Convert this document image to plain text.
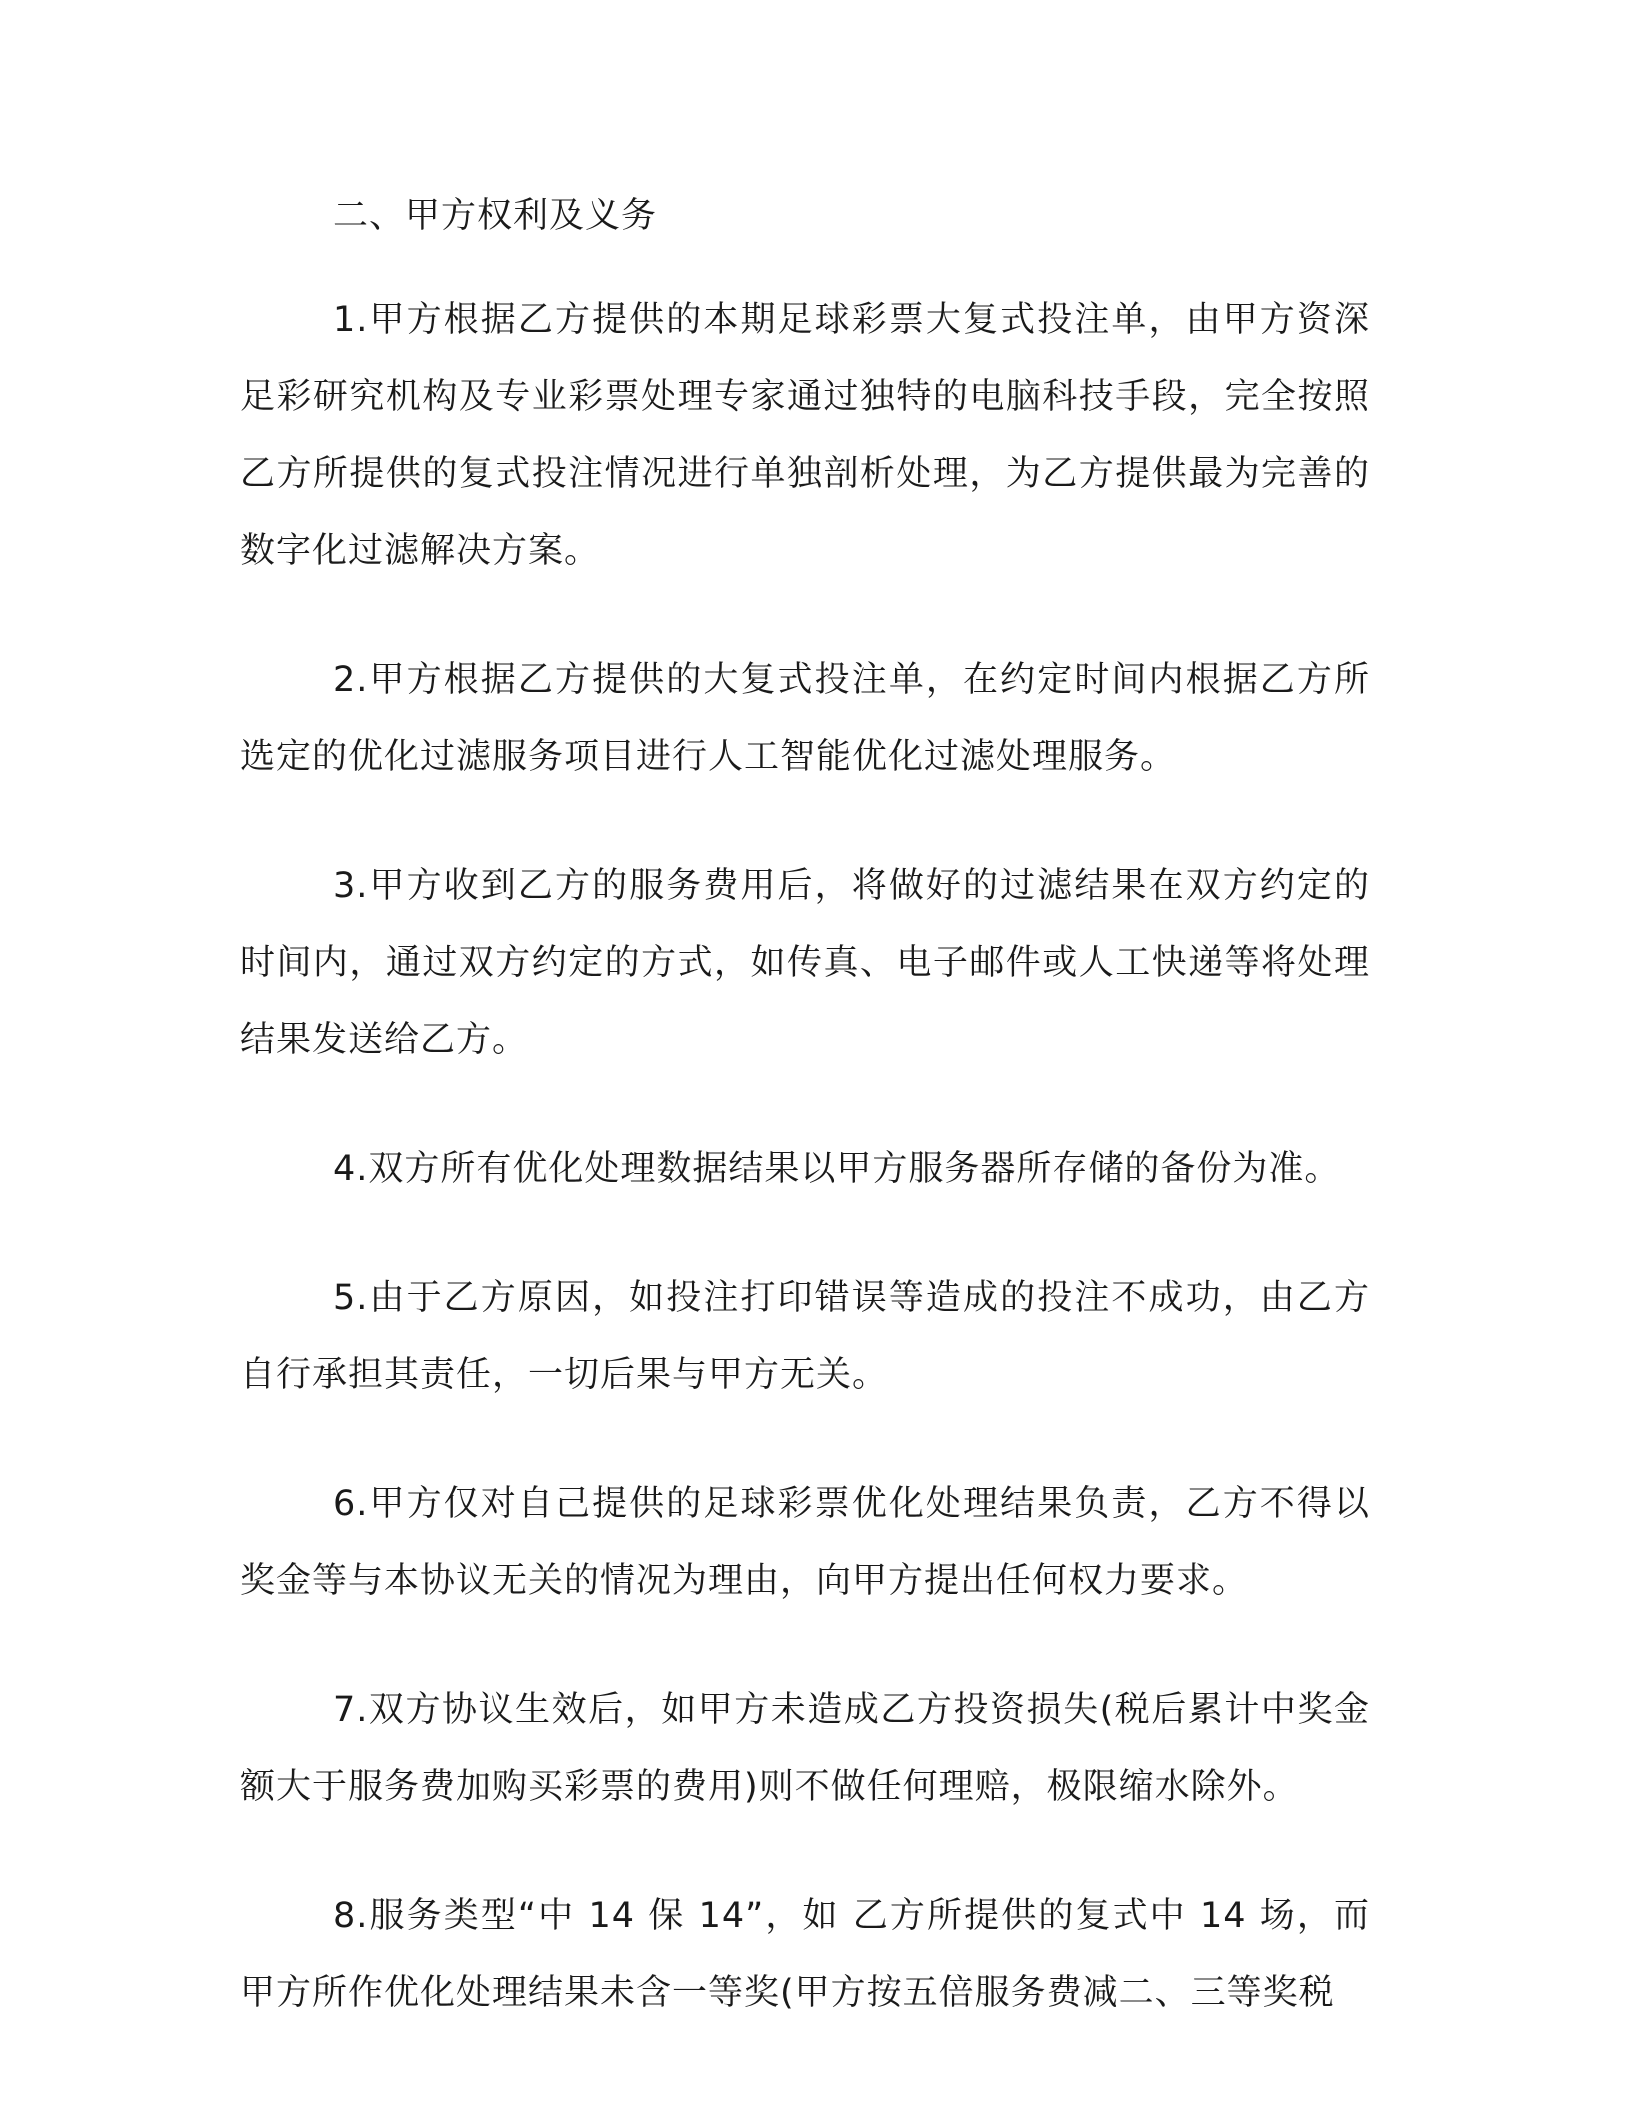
二、甲方权利及义务

1.甲方根据乙方提供的本期足球彩票大复式投注单，由甲方资深足彩研究机构及专业彩票处理专家通过独特的电脑科技手段，完全按照乙方所提供的复式投注情况进行单独剖析处理，为乙方提供最为完善的数字化过滤解决方案。

2.甲方根据乙方提供的大复式投注单，在约定时间内根据乙方所选定的优化过滤服务项目进行人工智能优化过滤处理服务。

3.甲方收到乙方的服务费用后，将做好的过滤结果在双方约定的时间内，通过双方约定的方式，如传真、电子邮件或人工快递等将处理结果发送给乙方。

4.双方所有优化处理数据结果以甲方服务器所存储的备份为准。

5.由于乙方原因，如投注打印错误等造成的投注不成功，由乙方自行承担其责任，一切后果与甲方无关。

6.甲方仅对自己提供的足球彩票优化处理结果负责，乙方不得以奖金等与本协议无关的情况为理由，向甲方提出任何权力要求。

7.双方协议生效后，如甲方未造成乙方投资损失(税后累计中奖金额大于服务费加购买彩票的费用)则不做任何理赔，极限缩水除外。

8.服务类型“中 14 保 14”，如 乙方所提供的复式中 14 场，而甲方所作优化处理结果未含一等奖(甲方按五倍服务费减二、三等奖税
